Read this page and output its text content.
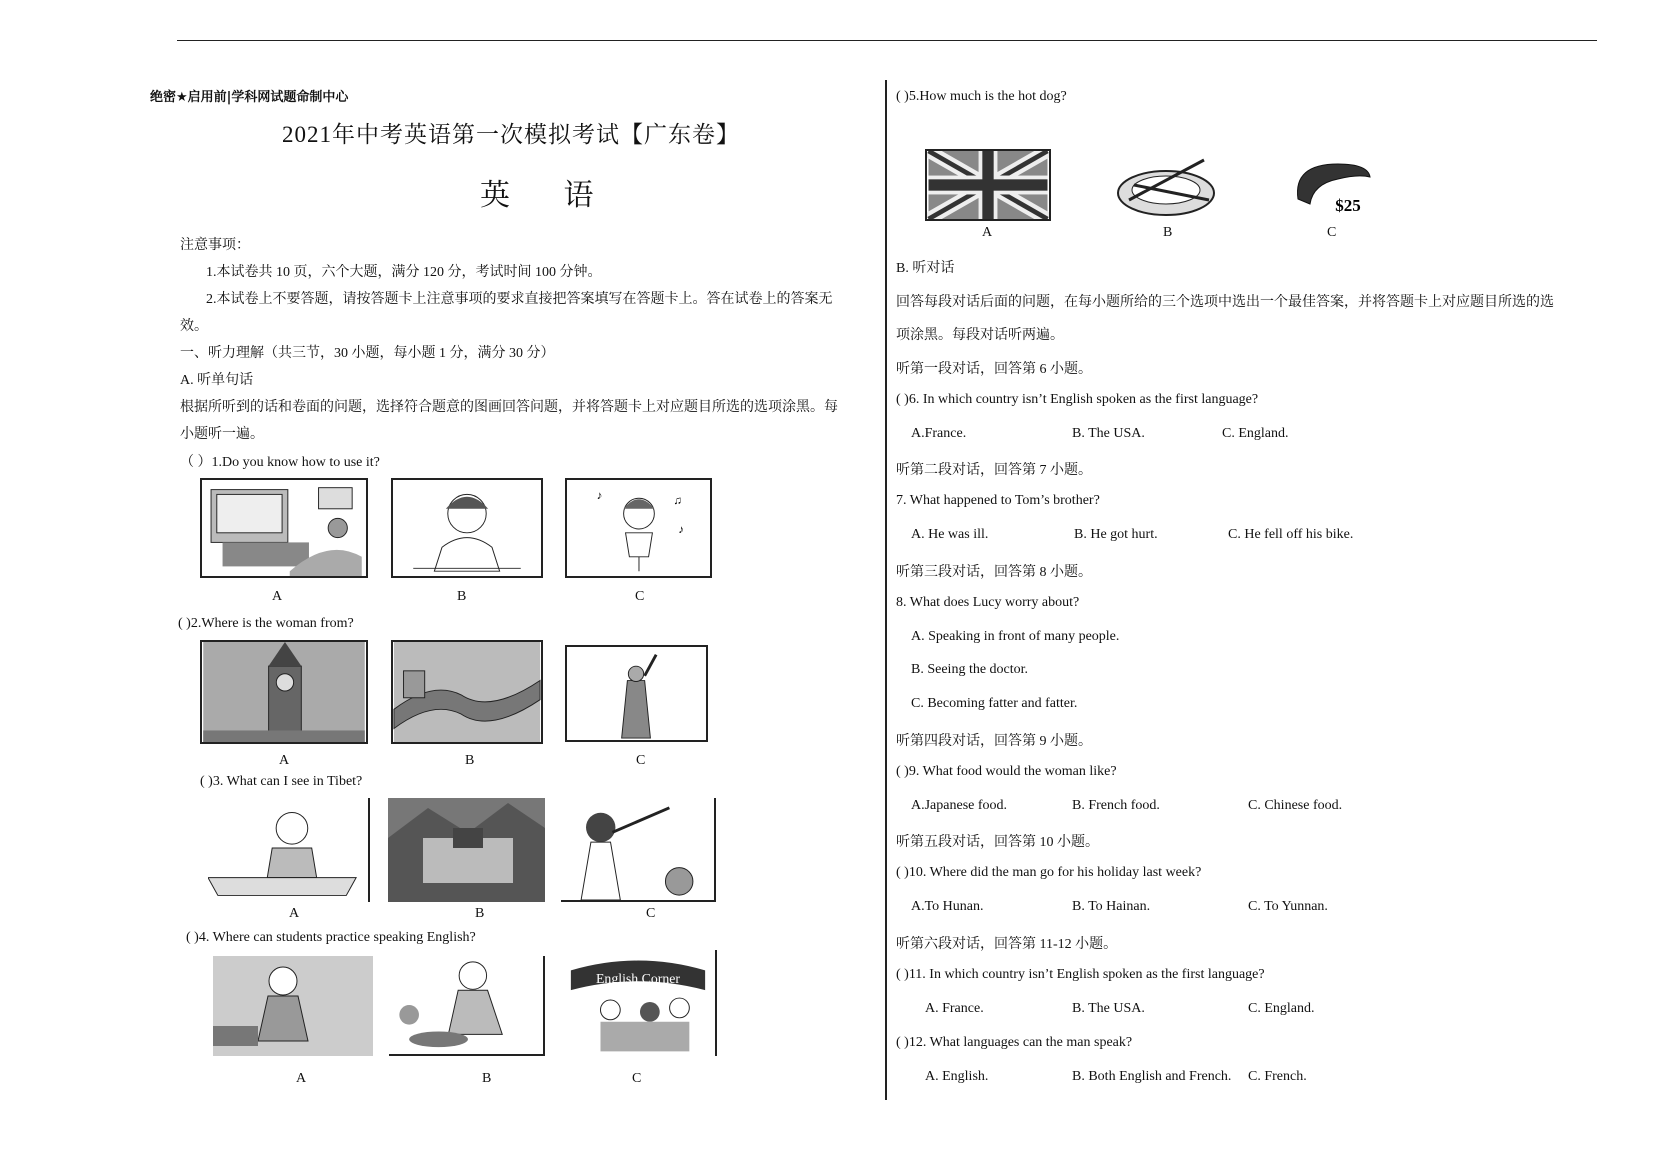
绝密★启用前|学科网试题命制中心
2021年中考英语第一次模拟考试【广东卷】
英 语
注意事项：
1.本试卷共 10 页，六个大题，满分 120 分，考试时间 100 分钟。
2.本试卷上不要答题，请按答题卡上注意事项的要求直接把答案填写在答题卡上。答在试卷上的答案无
效。
一、听力理解（共三节，30 小题，每小题 1 分，满分 30 分）
A. 听单句话
根据所听到的话和卷面的问题，选择符合题意的图画回答问题，并将答题卡上对应题目所选的选项涂黑。每
小题听一遍。
（ ）1.Do you know how to use it?
♪	♫
♪
A	B	C
( )2.Where is the woman from?
A	B	C
( )3. What can I see in Tibet?
A	B	C
( )4. Where can students practice speaking English?
English Corner
A	B	C
( )5.How much is the hot dog?
$25
A	B	C
B. 听对话
回答每段对话后面的问题，在每小题所给的三个选项中选出一个最佳答案，并将答题卡上对应题目所选的选
项涂黑。每段对话听两遍。
听第一段对话，回答第 6 小题。
( )6. In which country isn’t English spoken as the first language?
A.France.	B. The USA.	C. England.
听第二段对话，回答第 7 小题。
7. What happened to Tom’s brother?
A. He was ill.	B. He got hurt.	C. He fell off his bike.
听第三段对话，回答第 8 小题。
8. What does Lucy worry about?
A. Speaking in front of many people.
B. Seeing the doctor.
C. Becoming fatter and fatter.
听第四段对话，回答第 9 小题。
( )9. What food would the woman like?
A.Japanese food.	B. French food.	C. Chinese food.
听第五段对话，回答第 10 小题。
( )10. Where did the man go for his holiday last week?
A.To Hunan.	B. To Hainan.	C. To Yunnan.
听第六段对话，回答第 11-12 小题。
( )11. In which country isn’t English spoken as the first language?
A. France.	B. The USA.	C. England.
( )12. What languages can the man speak?
A. English.	B. Both English and French. C. French.
